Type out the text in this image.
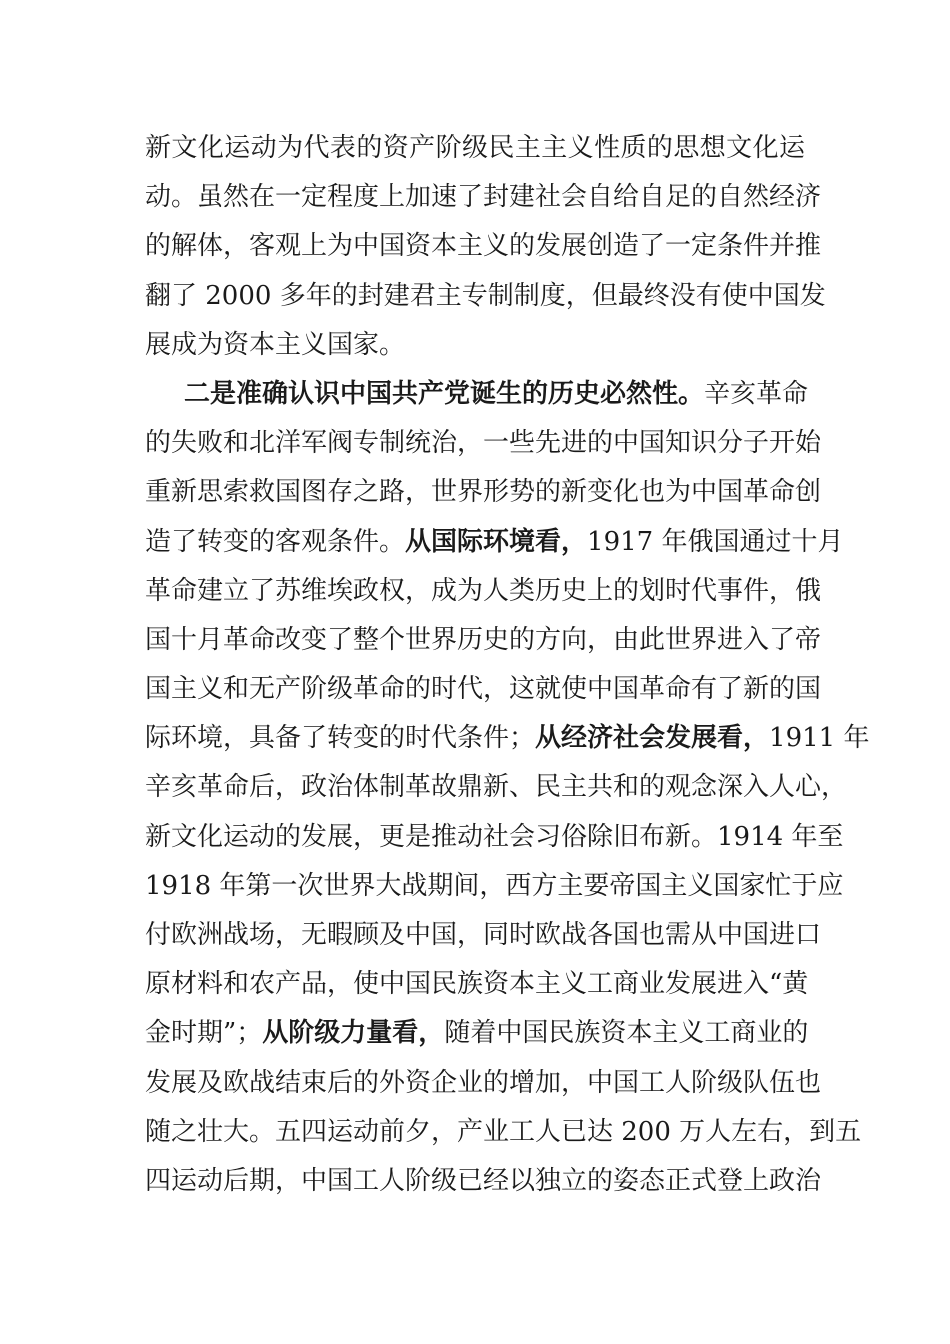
新文化运动为代表的资产阶级民主主义性质的思想文化运
动。虽然在一定程度上加速了封建社会自给自足的自然经济
的解体，客观上为中国资本主义的发展创造了一定条件并推
翻了 2000 多年的封建君主专制制度，但最终没有使中国发
展成为资本主义国家。
二是准确认识中国共产党诞生的历史必然性。辛亥革命
的失败和北洋军阀专制统治，一些先进的中国知识分子开始
重新思索救国图存之路，世界形势的新变化也为中国革命创
造了转变的客观条件。从国际环境看，1917 年俄国通过十月
革命建立了苏维埃政权，成为人类历史上的划时代事件，俄
国十月革命改变了整个世界历史的方向，由此世界进入了帝
国主义和无产阶级革命的时代，这就使中国革命有了新的国
际环境，具备了转变的时代条件；从经济社会发展看，1911 年
辛亥革命后，政治体制革故鼎新、民主共和的观念深入人心，
新文化运动的发展，更是推动社会习俗除旧布新。1914 年至
1918 年第一次世界大战期间，西方主要帝国主义国家忙于应
付欧洲战场，无暇顾及中国，同时欧战各国也需从中国进口
原材料和农产品，使中国民族资本主义工商业发展进入“黄
金时期”；从阶级力量看，随着中国民族资本主义工商业的
发展及欧战结束后的外资企业的增加，中国工人阶级队伍也
随之壮大。五四运动前夕，产业工人已达 200 万人左右，到五
四运动后期，中国工人阶级已经以独立的姿态正式登上政治
